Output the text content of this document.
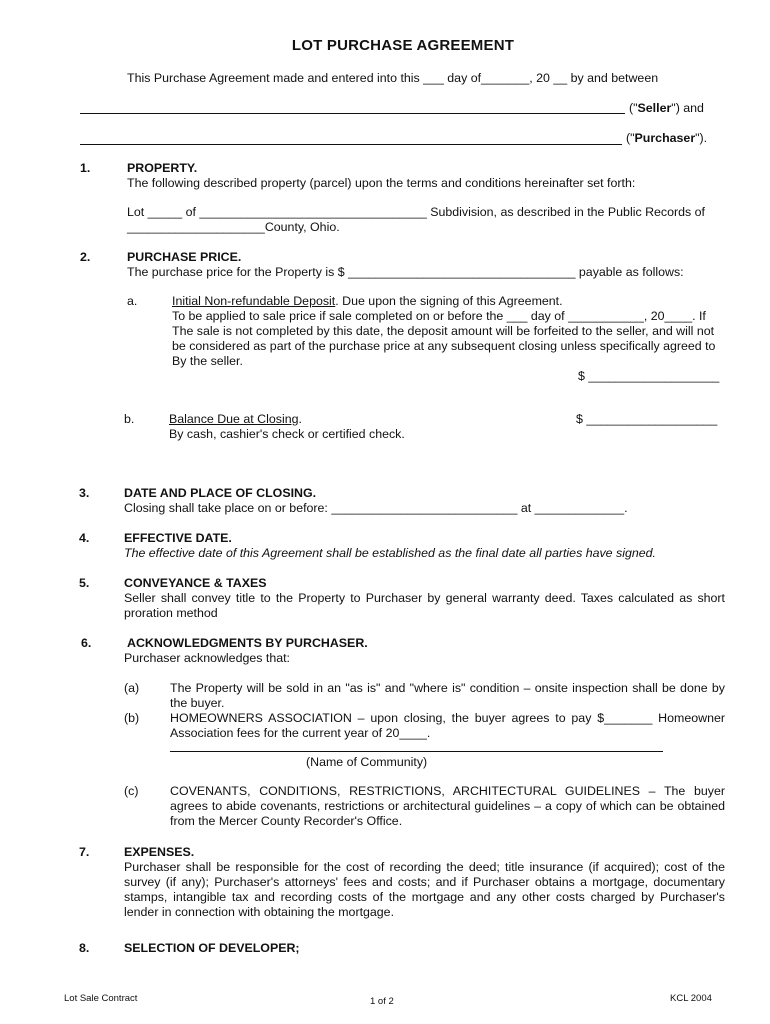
LOT PURCHASE AGREEMENT
This Purchase Agreement made and entered into this ___ day of_______, 20 __ by and between
("Seller") and
("Purchaser").
1.	PROPERTY.
The following described property (parcel) upon the terms and conditions hereinafter set forth:
Lot _____ of _________________________________ Subdivision, as described in the Public Records of
____________________County, Ohio.
2.	PURCHASE PRICE.
The purchase price for the Property is $ _________________________________ payable as follows:
a.	Initial Non-refundable Deposit. Due upon the signing of this Agreement.
To be applied to sale price if sale completed on or before the ___ day of ___________, 20____. If
The sale is not completed by this date, the deposit amount will be forfeited to the seller, and will not
be considered as part of the purchase price at any subsequent closing unless specifically agreed to
By the seller.
$ ___________________
b.	Balance Due at Closing.	$ ___________________
By cash, cashier's check or certified check.
3.	DATE AND PLACE OF CLOSING.
Closing shall take place on or before: ___________________________ at _____________.
4.	EFFECTIVE DATE.
The effective date of this Agreement shall be established as the final date all parties have signed.
5.	CONVEYANCE & TAXES
Seller shall convey title to the Property to Purchaser by general warranty deed. Taxes calculated as short proration method
6.	ACKNOWLEDGMENTS BY PURCHASER.
Purchaser acknowledges that:
(a) The Property will be sold in an "as is" and "where is" condition – onsite inspection shall be done by the buyer.
(b) HOMEOWNERS ASSOCIATION – upon closing, the buyer agrees to pay $_______ Homeowner Association fees for the current year of 20____.
(Name of Community)
(c)	COVENANTS, CONDITIONS, RESTRICTIONS, ARCHITECTURAL GUIDELINES – The buyer agrees to abide covenants, restrictions or architectural guidelines – a copy of which can be obtained from the Mercer County Recorder's Office.
7.	EXPENSES.
Purchaser shall be responsible for the cost of recording the deed; title insurance (if acquired); cost of the survey (if any); Purchaser's attorneys' fees and costs; and if Purchaser obtains a mortgage, documentary stamps, intangible tax and recording costs of the mortgage and any other costs charged by Purchaser's lender in connection with obtaining the mortgage.
8.	SELECTION OF DEVELOPER;
Lot Sale Contract	1 of 2	KCL 2004
